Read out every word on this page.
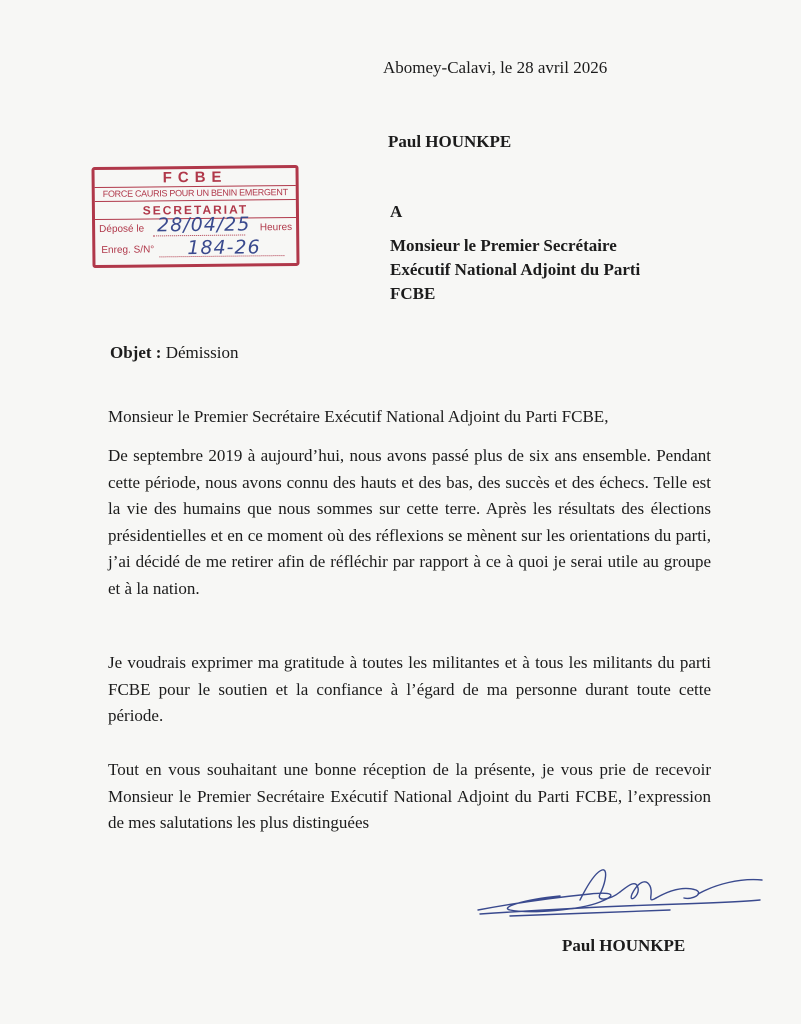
Abomey-Calavi, le 28 avril 2026
Paul HOUNKPE
FCBE
FORCE CAURIS POUR UN BENIN EMERGENT
SECRETARIAT
Déposé le	Heures
Enreg. S/N°
28/04/25
184-26
A
Monsieur le Premier Secrétaire
Exécutif National Adjoint du Parti
FCBE
Objet : Démission
Monsieur le Premier Secrétaire Exécutif National Adjoint du Parti FCBE,
De septembre 2019 à aujourd’hui, nous avons passé plus de six ans ensemble. Pendant cette période, nous avons connu des hauts et des bas, des succès et des échecs. Telle est la vie des humains que nous sommes sur cette terre. Après les résultats des élections présidentielles et en ce moment où des réflexions se mènent sur les orientations du parti, j’ai décidé de me retirer afin de réfléchir par rapport à ce à quoi je serai utile au groupe et à la nation.
Je voudrais exprimer ma gratitude à toutes les militantes et à tous les militants du parti FCBE pour le soutien et la confiance à l’égard de ma personne durant toute cette période.
Tout en vous souhaitant une bonne réception de la présente, je vous prie de recevoir Monsieur le Premier Secrétaire Exécutif National Adjoint du Parti FCBE, l’expression de mes salutations les plus distinguées
Paul HOUNKPE
